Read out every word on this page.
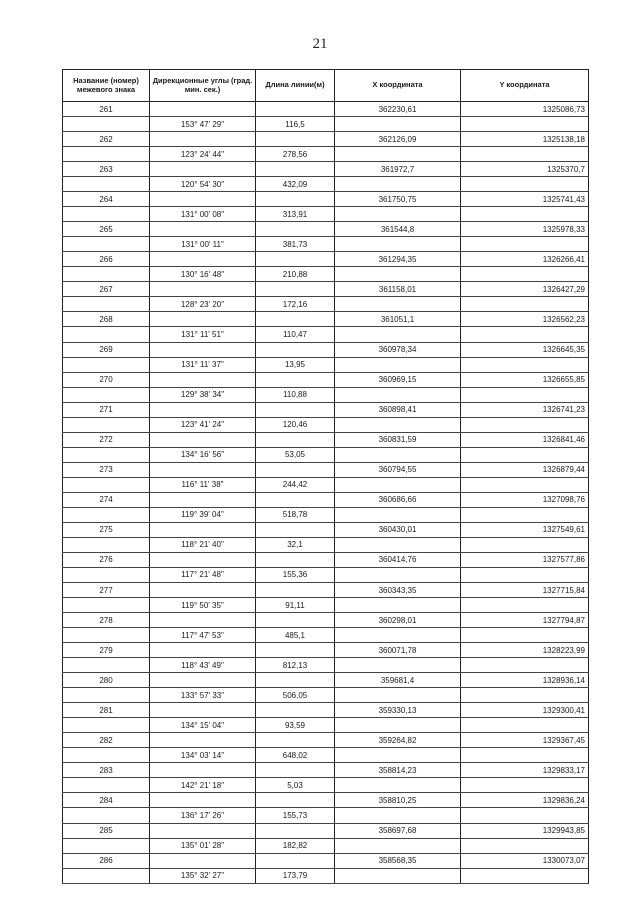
21
Название (номер) межевого знака	Дирекционные углы (град. мин. сек.)	Длина линии(м)	X координата	Y координата
261			362230,61	1325086,73
	153° 47' 29"	116,5		
262			362126,09	1325138,18
	123° 24' 44"	278,56		
263			361972,7	1325370,7
	120° 54' 30"	432,09		
264			361750,75	1325741,43
	131° 00' 08"	313,91		
265			361544,8	1325978,33
	131° 00' 11"	381,73		
266			361294,35	1326266,41
	130° 16' 48"	210,88		
267			361158,01	1326427,29
	128° 23' 20"	172,16		
268			361051,1	1326562,23
	131° 11' 51"	110,47		
269			360978,34	1326645,35
	131° 11' 37"	13,95		
270			360969,15	1326655,85
	129° 38' 34"	110,88		
271			360898,41	1326741,23
	123° 41' 24"	120,46		
272			360831,59	1326841,46
	134° 16' 56"	53,05		
273			360794,55	1326879,44
	116° 11' 38"	244,42		
274			360686,66	1327098,76
	119° 39' 04"	518,78		
275			360430,01	1327549,61
	118° 21' 40"	32,1		
276			360414,76	1327577,86
	117° 21' 48"	155,36		
277			360343,35	1327715,84
	119° 50' 35"	91,11		
278			360298,01	1327794,87
	117° 47' 53"	485,1		
279			360071,78	1328223,99
	118° 43' 49"	812,13		
280			359681,4	1328936,14
	133° 57' 33"	506,05		
281			359330,13	1329300,41
	134° 15' 04"	93,59		
282			359264,82	1329367,45
	134° 03' 14"	648,02		
283			358814,23	1329833,17
	142° 21' 18"	5,03		
284			358810,25	1329836,24
	136° 17' 26"	155,73		
285			358697,68	1329943,85
	135° 01' 28"	182,82		
286			358568,35	1330073,07
	135° 32' 27"	173,79		
